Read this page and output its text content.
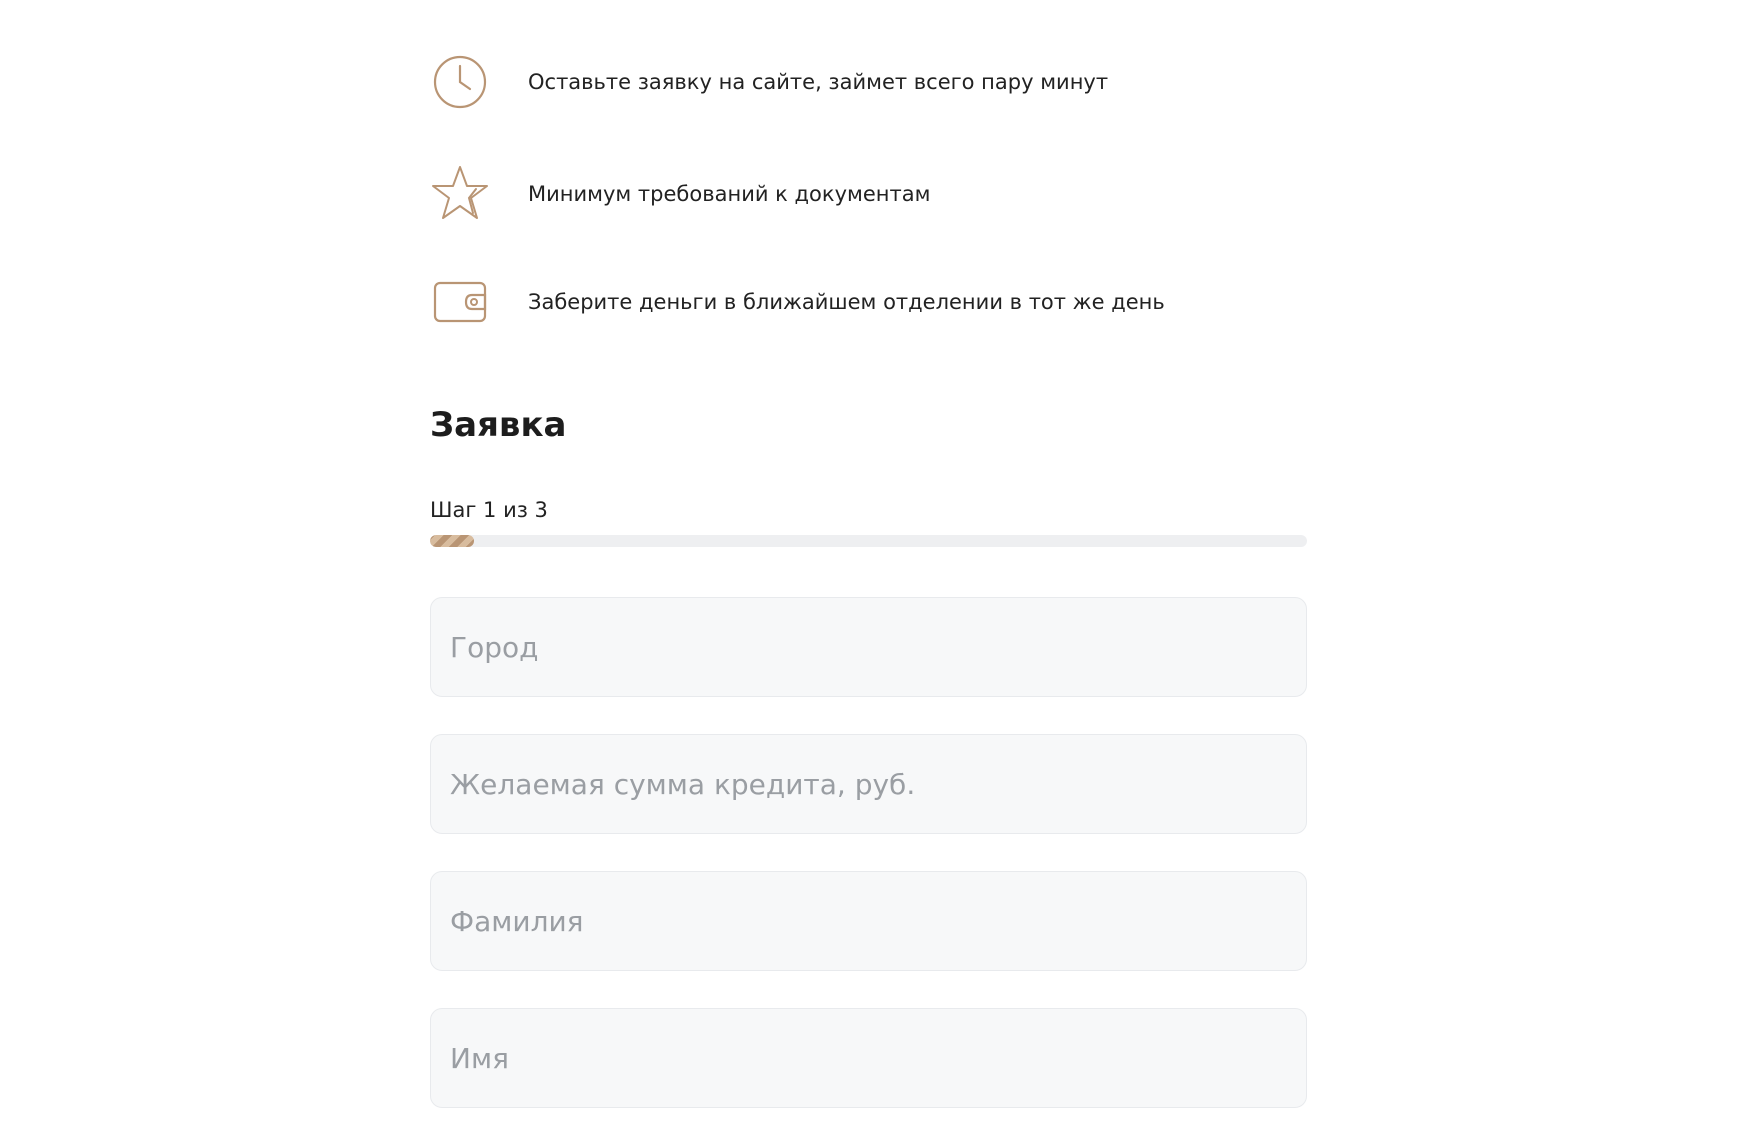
Оставьте заявку на сайте, займет всего пару минут
Минимум требований к документам
Заберите деньги в ближайшем отделении в тот же день
Заявка
Шаг 1 из 3
Город
Желаемая сумма кредита, руб.
Фамилия
Имя
